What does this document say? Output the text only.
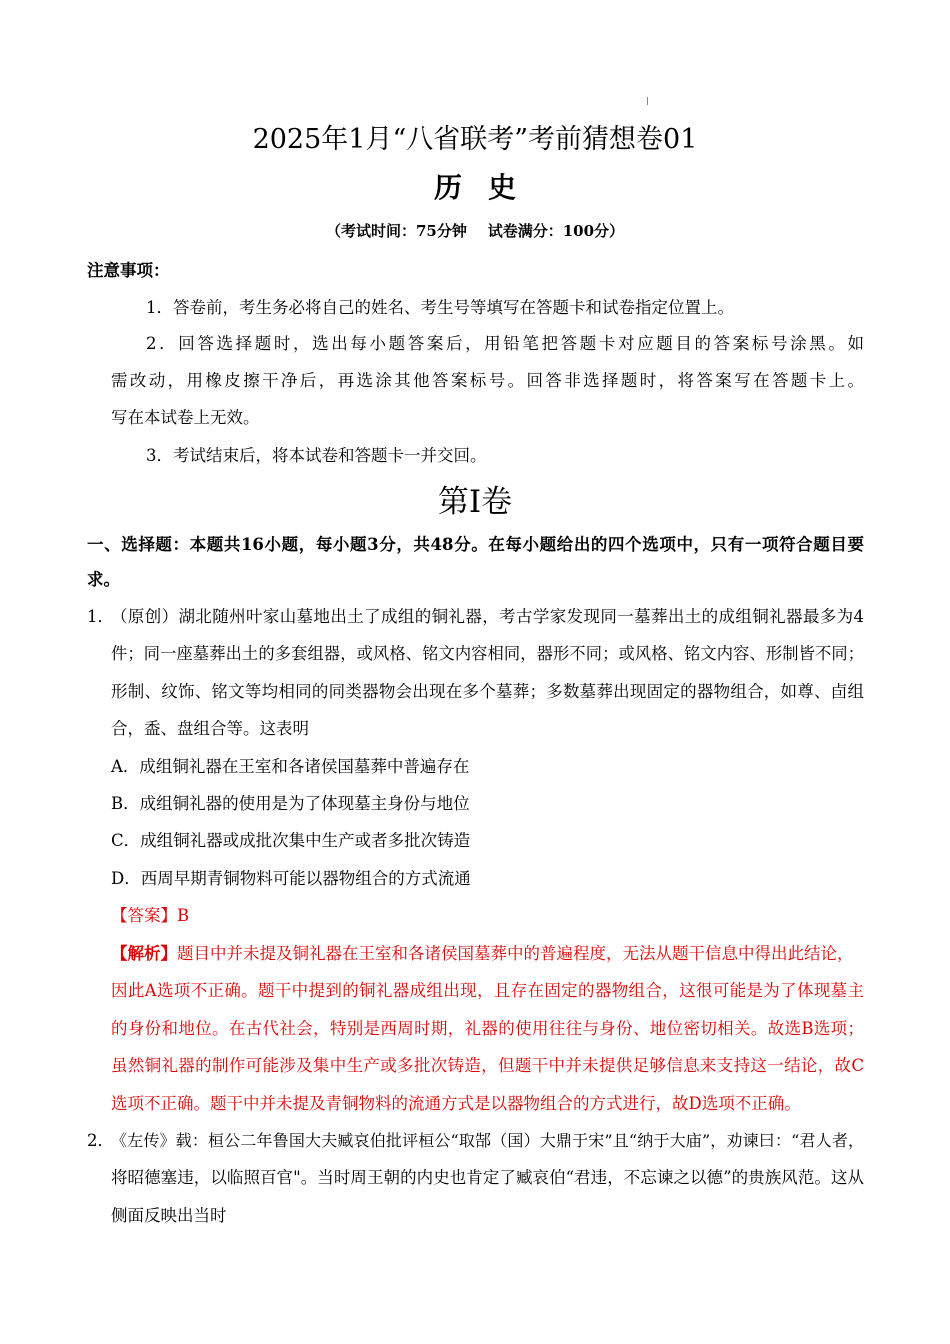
2025年1月“八省联考”考前猜想卷01
历史
（考试时间：75分钟    试卷满分：100分）
注意事项：
1．答卷前，考生务必将自己的姓名、考生号等填写在答题卡和试卷指定位置上。
2．回答选择题时，选出每小题答案后，用铅笔把答题卡对应题目的答案标号涂黑。如
需改动，用橡皮擦干净后，再选涂其他答案标号。回答非选择题时，将答案写在答题卡上。
写在本试卷上无效。
3．考试结束后，将本试卷和答题卡一并交回。
第I卷
一、选择题：本题共16小题，每小题3分，共48分。在每小题给出的四个选项中，只有一项符合题目要
求。
1．
（原创）湖北随州叶家山墓地出土了成组的铜礼器，考古学家发现同一墓葬出土的成组铜礼器最多为4
件；同一座墓葬出土的多套组器，或风格、铭文内容相同，器形不同；或风格、铭文内容、形制皆不同；
形制、纹饰、铭文等均相同的同类器物会出现在多个墓葬；多数墓葬出现固定的器物组合，如尊、卣组
合，盉、盘组合等。这表明
A．成组铜礼器在王室和各诸侯国墓葬中普遍存在
B．成组铜礼器的使用是为了体现墓主身份与地位
C．成组铜礼器或成批次集中生产或者多批次铸造
D．西周早期青铜物料可能以器物组合的方式流通
【答案】B
【解析】题目中并未提及铜礼器在王室和各诸侯国墓葬中的普遍程度，无法从题干信息中得出此结论，
因此A选项不正确。题干中提到的铜礼器成组出现，且存在固定的器物组合，这很可能是为了体现墓主
的身份和地位。在古代社会，特别是西周时期，礼器的使用往往与身份、地位密切相关。故选B选项；
虽然铜礼器的制作可能涉及集中生产或多批次铸造，但题干中并未提供足够信息来支持这一结论，故C
选项不正确。题干中并未提及青铜物料的流通方式是以器物组合的方式进行，故D选项不正确。
2．
《左传》载：桓公二年鲁国大夫臧哀伯批评桓公“取郜（国）大鼎于宋”且“纳于大庙”，劝谏曰：“君人者，
将昭德塞违，以临照百官"。当时周王朝的内史也肯定了臧哀伯“君违，不忘谏之以德”的贵族风范。这从
侧面反映出当时
